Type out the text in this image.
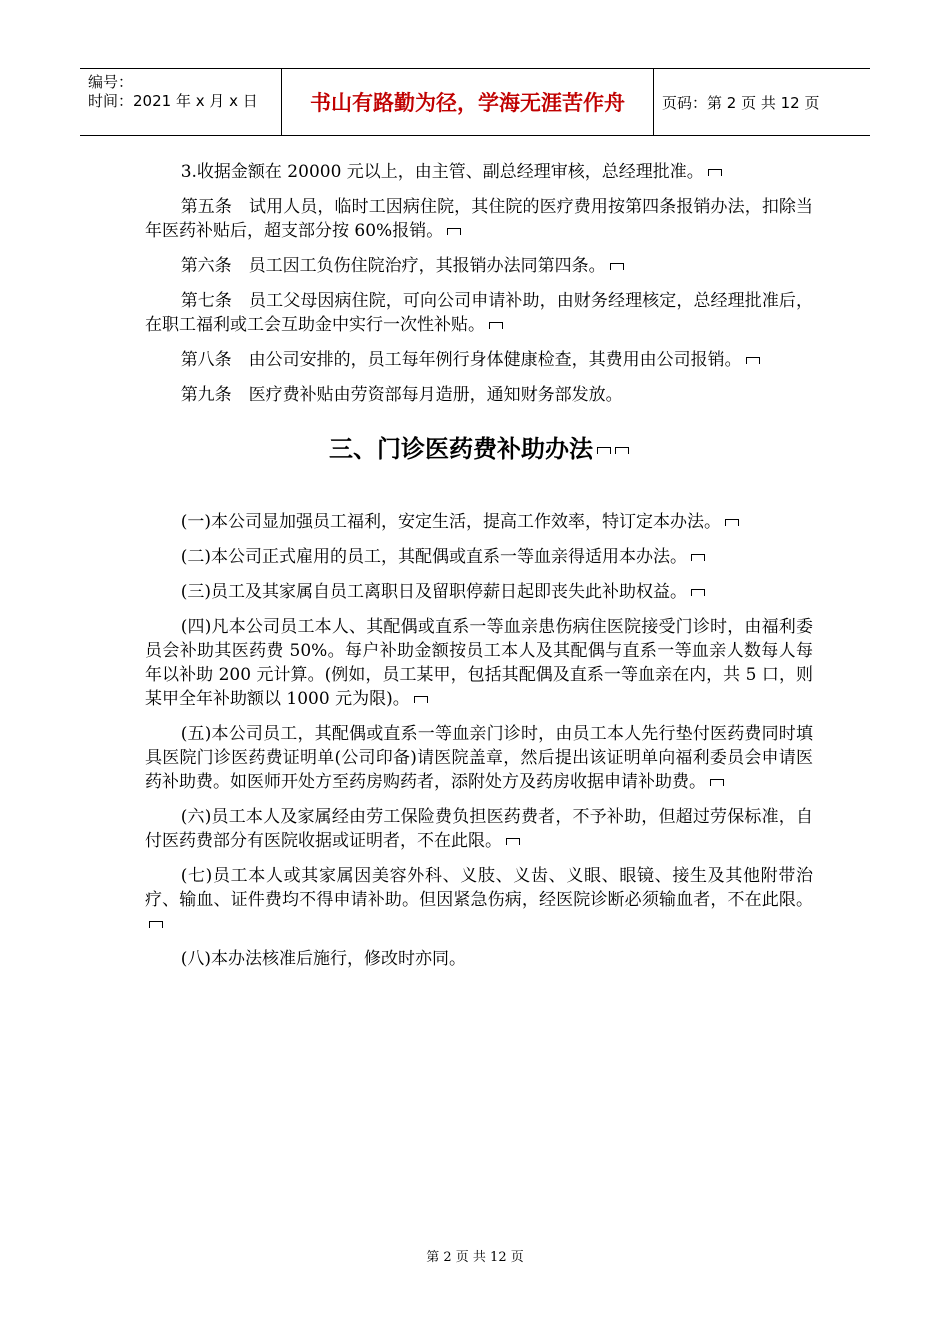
编号：
时间：2021 年 x 月 x 日	书山有路勤为径，学海无涯苦作舟 页码：第 2 页 共 12 页

3.收据金额在 20000 元以上，由主管、副总经理审核，总经理批准。

第五条　试用人员，临时工因病住院，其住院的医疗费用按第四条报销办法，扣除当年医药补贴后，超支部分按 60%报销。

第六条　员工因工负伤住院治疗，其报销办法同第四条。

第七条　员工父母因病住院，可向公司申请补助，由财务经理核定，总经理批准后，在职工福利或工会互助金中实行一次性补贴。

第八条　由公司安排的，员工每年例行身体健康检查，其费用由公司报销。

第九条　医疗费补贴由劳资部每月造册，通知财务部发放。

三、门诊医药费补助办法

(一)本公司显加强员工福利，安定生活，提高工作效率，特订定本办法。

(二)本公司正式雇用的员工，其配偶或直系一等血亲得适用本办法。

(三)员工及其家属自员工离职日及留职停薪日起即丧失此补助权益。

(四)凡本公司员工本人、其配偶或直系一等血亲患伤病住医院接受门诊时，由福利委员会补助其医药费 50%。每户补助金额按员工本人及其配偶与直系一等血亲人数每人每年以补助 200 元计算。(例如，员工某甲，包括其配偶及直系一等血亲在内，共 5 口，则某甲全年补助额以 1000 元为限)。

(五)本公司员工，其配偶或直系一等血亲门诊时，由员工本人先行垫付医药费同时填具医院门诊医药费证明单(公司印备)请医院盖章，然后提出该证明单向福利委员会申请医药补助费。如医师开处方至药房购药者，添附处方及药房收据申请补助费。

(六)员工本人及家属经由劳工保险费负担医药费者，不予补助，但超过劳保标准，自付医药费部分有医院收据或证明者，不在此限。

(七)员工本人或其家属因美容外科、义肢、义齿、义眼、眼镜、接生及其他附带治疗、输血、证件费均不得申请补助。但因紧急伤病，经医院诊断必须输血者，不在此限。

(八)本办法核准后施行，修改时亦同。

第 2 页 共 12 页
